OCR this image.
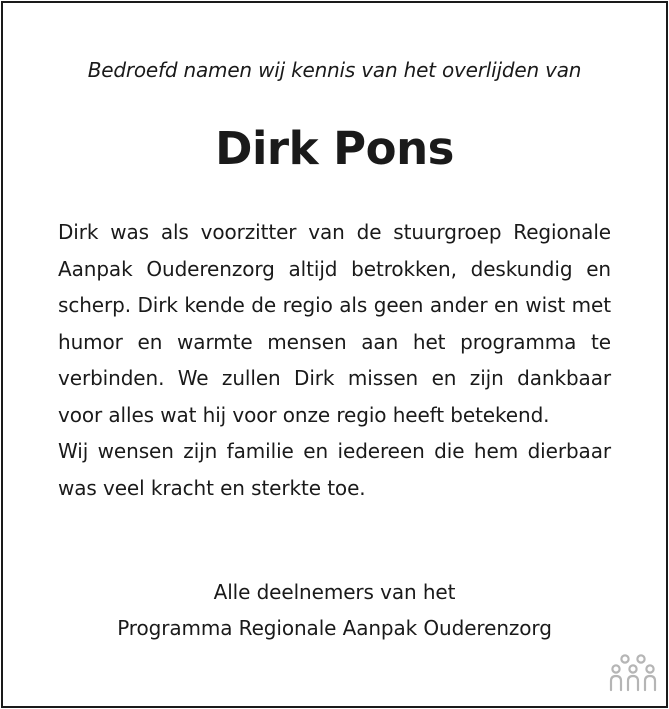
Bedroefd namen wij kennis van het overlijden van
Dirk Pons

Dirk was als voorzitter van de stuurgroep Regionale Aanpak Ouderenzorg altijd betrokken, deskundig en scherp. Dirk kende de regio als geen ander en wist met humor en warmte mensen aan het programma te verbinden. We zullen Dirk missen en zijn dankbaar voor alles wat hij voor onze regio heeft betekend.

Wij wensen zijn familie en iedereen die hem dierbaar was veel kracht en sterkte toe.

Alle deelnemers van het
Programma Regionale Aanpak Ouderenzorg
